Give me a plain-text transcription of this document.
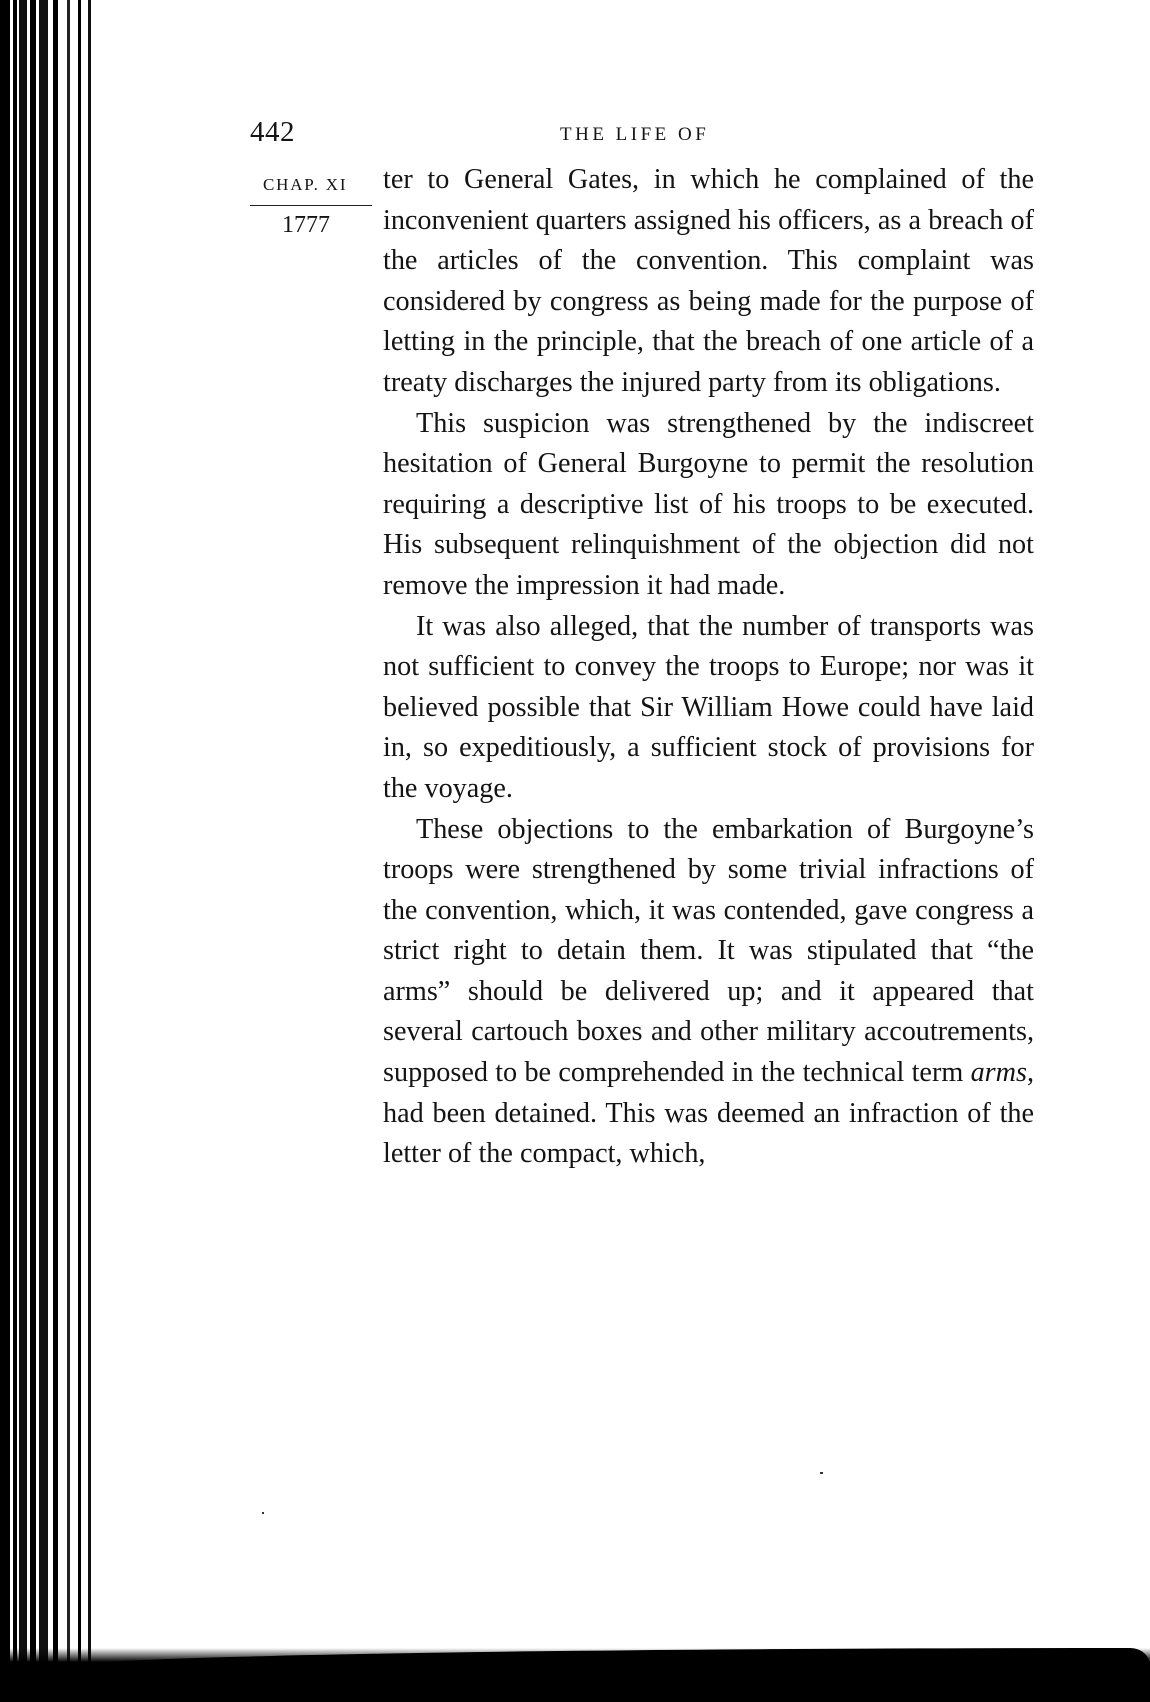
442	THE LIFE OF
CHAP. XI
1777

ter to General Gates, in which he complained of the inconvenient quarters assigned his officers, as a breach of the articles of the convention. This complaint was considered by congress as being made for the purpose of letting in the principle, that the breach of one article of a treaty discharges the injured party from its obligations.

This suspicion was strengthened by the indiscreet hesitation of General Burgoyne to permit the resolution requiring a descriptive list of his troops to be executed. His subsequent relinquishment of the objection did not remove the impression it had made.

It was also alleged, that the number of transports was not sufficient to convey the troops to Europe; nor was it believed possible that Sir William Howe could have laid in, so expeditiously, a sufficient stock of provisions for the voyage.

These objections to the embarkation of Burgoyne’s troops were strengthened by some trivial infractions of the convention, which, it was contended, gave congress a strict right to detain them. It was stipulated that “the arms” should be delivered up; and it appeared that several cartouch boxes and other military accoutrements, supposed to be comprehended in the technical term arms, had been detained. This was deemed an infraction of the letter of the compact, which,
